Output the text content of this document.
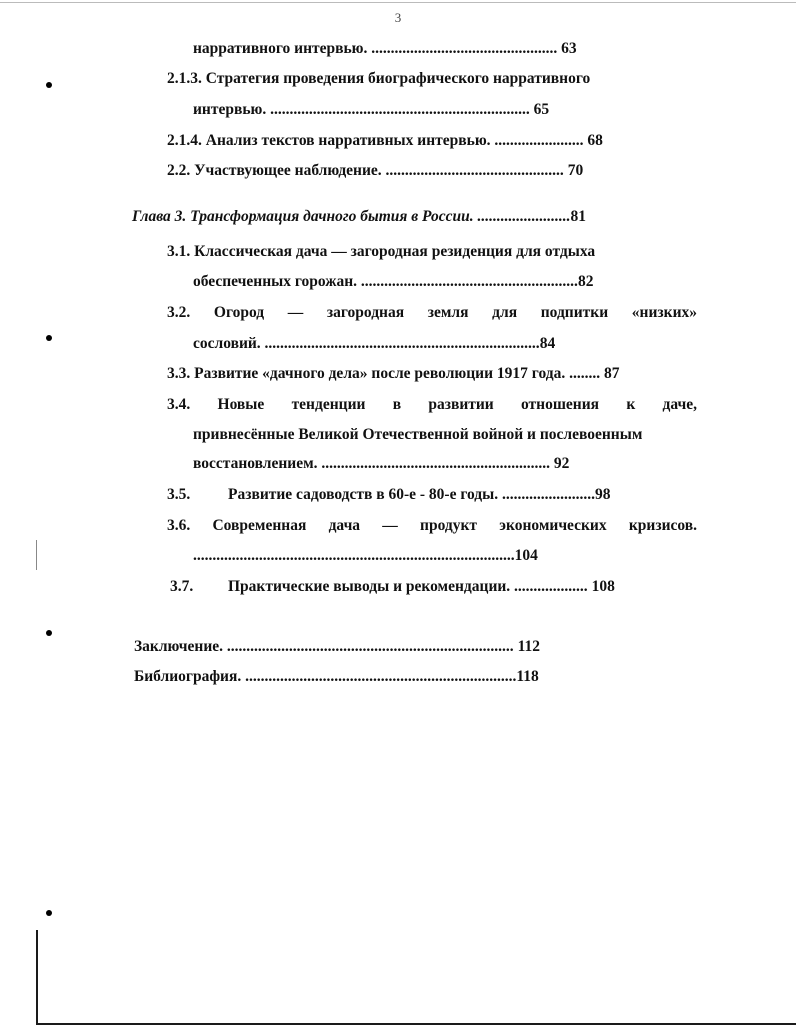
3
нарративного интервью. ................................................ 63
2.1.3. Стратегия проведения биографического нарративного
интервью. ................................................................... 65
2.1.4. Анализ текстов нарративных интервью. ....................... 68
2.2. Участвующее наблюдение. .............................................. 70
Глава 3. Трансформация дачного бытия в России. ........................81
3.1. Классическая дача — загородная резиденция для отдыха
обеспеченных горожан. ........................................................82
3.2. Огород — загородная земля для подпитки «низких»
сословий. .......................................................................84
3.3. Развитие «дачного дела» после революции 1917 года. ........ 87
3.4. Новые тенденции в развитии отношения к даче,
привнесённые Великой Отечественной войной и послевоенным
восстановлением. ........................................................... 92
3.5. Развитие садоводств в 60-е - 80-е годы. ........................98
3.6. Современная дача — продукт экономических кризисов.
...................................................................................104
3.7. Практические выводы и рекомендации. ................... 108
Заключение. .......................................................................... 112
Библиография. ......................................................................118
